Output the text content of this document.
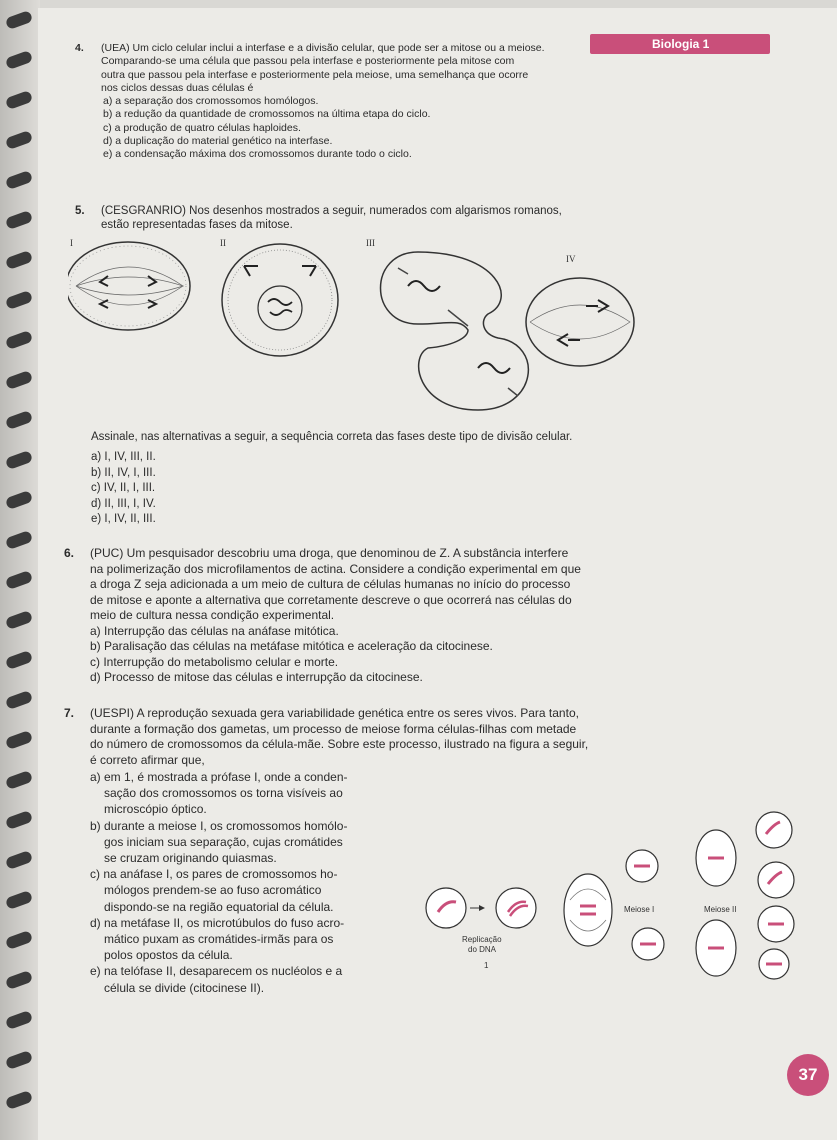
Biologia 1
4. (UEA) Um ciclo celular inclui a interfase e a divisão celular, que pode ser a mitose ou a meiose.
Comparando-se uma célula que passou pela interfase e posteriormente pela mitose com
outra que passou pela interfase e posteriormente pela meiose, uma semelhança que ocorre
nos ciclos dessas duas células é
a) a separação dos cromossomos homólogos.
b) a redução da quantidade de cromossomos na última etapa do ciclo.
c) a produção de quatro células haploides.
d) a duplicação do material genético na interfase.
e) a condensação máxima dos cromossomos durante todo o ciclo.
5. (CESGRANRIO) Nos desenhos mostrados a seguir, numerados com algarismos romanos,
estão representadas fases da mitose.
I	II	III
IV
Assinale, nas alternativas a seguir, a sequência correta das fases deste tipo de divisão celular.
a) I, IV, III, II.
b) II, IV, I, III.
c) IV, II, I, III.
d) II, III, I, IV.
e) I, IV, II, III.
6. (PUC) Um pesquisador descobriu uma droga, que denominou de Z. A substância interfere
na polimerização dos microfilamentos de actina. Considere a condição experimental em que
a droga Z seja adicionada a um meio de cultura de células humanas no início do processo
de mitose e aponte a alternativa que corretamente descreve o que ocorrerá nas células do
meio de cultura nessa condição experimental.
a) Interrupção das células na anáfase mitótica.
b) Paralisação das células na metáfase mitótica e aceleração da citocinese.
c) Interrupção do metabolismo celular e morte.
d) Processo de mitose das células e interrupção da citocinese.
7. (UESPI) A reprodução sexuada gera variabilidade genética entre os seres vivos. Para tanto,
durante a formação dos gametas, um processo de meiose forma células-filhas com metade
do número de cromossomos da célula-mãe. Sobre este processo, ilustrado na figura a seguir,
é correto afirmar que,
a) em 1, é mostrada a prófase I, onde a conden-
sação dos cromossomos os torna visíveis ao
microscópio óptico.
b) durante a meiose I, os cromossomos homólo-
gos iniciam sua separação, cujas cromátides
se cruzam originando quiasmas.
c) na anáfase I, os pares de cromossomos ho-
mólogos prendem-se ao fuso acromático
dispondo-se na região equatorial da célula.
d) na metáfase II, os microtúbulos do fuso acro-
mático puxam as cromátides-irmãs para os
polos opostos da célula.
e) na telófase II, desaparecem os nucléolos e a
célula se divide (citocinese II).
Replicação
do DNA
1
Meiose I	Meiose II
37
